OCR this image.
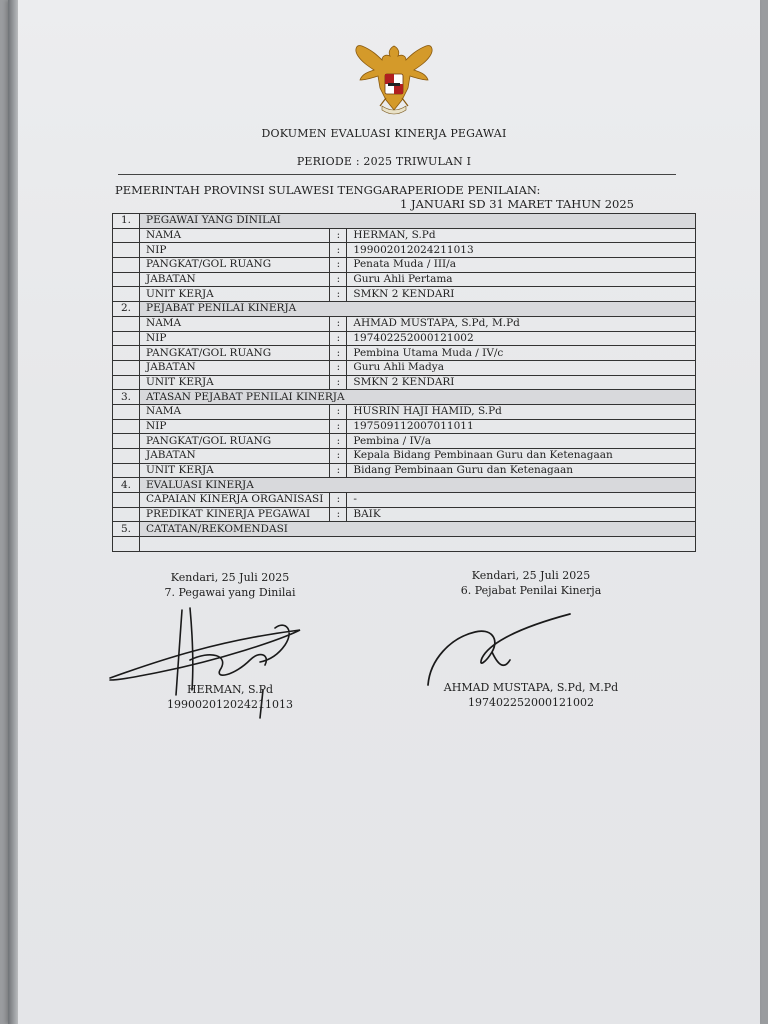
DOKUMEN EVALUASI KINERJA PEGAWAI
PERIODE : 2025 TRIWULAN I
PEMERINTAH PROVINSI SULAWESI TENGGARAPERIODE PENILAIAN:
1 JANUARI SD 31 MARET TAHUN 2025
1.	PEGAWAI YANG DINILAI		
	NAMA	:	HERMAN, S.Pd
	NIP	:	199002012024211013
	PANGKAT/GOL RUANG	:	Penata Muda / III/a
	JABATAN	:	Guru Ahli Pertama
	UNIT KERJA	:	SMKN 2 KENDARI
2.	PEJABAT PENILAI KINERJA		
	NAMA	:	AHMAD MUSTAPA, S.Pd, M.Pd
	NIP	:	197402252000121002
	PANGKAT/GOL RUANG	:	Pembina Utama Muda / IV/c
	JABATAN	:	Guru Ahli Madya
	UNIT KERJA	:	SMKN 2 KENDARI
3.	ATASAN PEJABAT PENILAI KINERJA		
	NAMA	:	HUSRIN HAJI HAMID, S.Pd
	NIP	:	197509112007011011
	PANGKAT/GOL RUANG	:	Pembina / IV/a
	JABATAN	:	Kepala Bidang Pembinaan Guru dan Ketenagaan
	UNIT KERJA	:	Bidang Pembinaan Guru dan Ketenagaan
4.	EVALUASI KINERJA		
	CAPAIAN KINERJA ORGANISASI	:	-
	PREDIKAT KINERJA PEGAWAI	:	BAIK
5.	CATATAN/REKOMENDASI		

Kendari, 25 Juli 2025
7. Pegawai yang Dinilai
Kendari, 25 Juli 2025
6. Pejabat Penilai Kinerja
HERMAN, S.Pd
199002012024211013
AHMAD MUSTAPA, S.Pd, M.Pd
197402252000121002
